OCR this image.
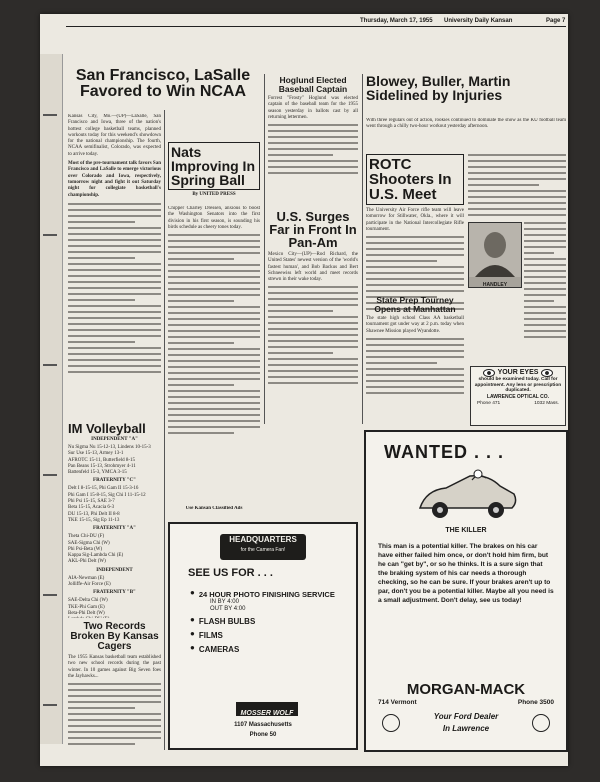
Thursday, March 17, 1955 University Daily Kansan	Page 7
San Francisco, LaSalle Favored to Win NCAA

Kansas City, Mo.—(UP)—LaSalle, San Francisco and Iowa, three of the nation's hottest college basketball teams, planned workouts today for this weekend's showdown for the national championship. The fourth, NCAA semifinalist, Colorado, was expected to arrive today.

Most of the pre-tournament talk favors San Francisco and LaSalle to emerge victorious over Colorado and Iowa, respectively, tomorrow night and fight it out Saturday night for collegiate basketball's championship.

IM Volleyball

INDEPENDENT "A"

Nu Sigma Nu 15-12-13, Lindens 10-15-3

Sur Use 15-13, Armey 13-1

AFROTC 15-11, Butterfield 8-15

Pan Beans 15-13, Strohmyer 4-11

Battenfeld 15-3, YMCA 3-15

FRATERNITY "C"

Delt I 8-15-15, Phi Gam II 15-3-16

Phi Gam I 15-8-15, Sig Chi I 11-15-12

Phi Psi 15-15, SAE 3-7

Beta 15-15, Acacia 6-3

DU 15-13, Phi Delt II 8-8

TKE 15-15, Sig Ep 11-13

FRATERNITY "A"

Theta Chi-DU (F)

SAE-Sigma Chi (W)

Phi Psi-Beta (W)

Kappa Sig-Lambda Chi (E)

AKL-Phi Delt (W)

INDEPENDENT

AIA-Newman (E)

Jolliffe-Air Force (E)

FRATERNITY "B"

SAE-Delta Chi (W)

TKE-Phi Gam (E)

Beta-Phi Delt (W)

Two Records Broken By Kansas Cagers

The 1955 Kansas basketball team established two new school records during the past winter. In 10 games against Big Seven foes the Jayhawks...

Nats Improving In Spring Ball

By UNITED PRESS

Chipper Charley Dressen, anxious to boost the Washington Senators into the first division in his first season, is sounding his birds schedule as cheery tones today.

Use Kansan Classified Ads

Hoglund Elected Baseball Captain

Forrest "Frosty" Hoglund was elected captain of the baseball team for the 1955 season yesterday in ballots cast by all returning lettermen.

U.S. Surges Far in Front In Pan-Am

Mexico City—(UP)—Rod Richard, the United States' newest version of the 'world's fastest human', and Bob Backus and Bert Schneewiss left world and meet records strewn in their wake today.

Blowey, Buller, Martin Sidelined by Injuries

With three regulars out of action, rookies continued to dominate the show as the KU football team went through a chilly two-hour workout yesterday afternoon.

ROTC Shooters In U.S. Meet

The University Air Force rifle team will leave tomorrow for Stillwater, Okla., where it will participate in the National Intercollegiate Rifle tournament.

HANDLEY
State Prep Tourney Opens at Manhattan

The state high school Class AA basketball tournament got under way at 2 p.m. today when Shawnee Mission played Wyandotte.

YOUR EYES

should be examined today. Call for appointment. Any lens or prescription duplicated.

LAWRENCE OPTICAL CO.

Phone 471	1032 Mass.
HEADQUARTERS
for the Camera Fan!
SEE US FOR . . .
● 24 HOUR PHOTO FINISHING SERVICE
IN BY 4:00
OUT BY 4:00
● FLASH BULBS
● FILMS
● CAMERAS
MOSSER WOLF
1107 Massachusetts
Phone 50
WANTED . . .
THE KILLER

This man is a potential killer. The brakes on his car have either failed him once, or don't hold him firm, but he can "get by", or so he thinks. It is a sure sign that the braking system of his car needs a thorough checking, so he can be sure. If your brakes aren't up to par, don't you be a potential killer. Maybe all you need is a small adjustment. Don't delay, see us today!

MORGAN-MACK
714 Vermont	Phone 3500
Your Ford Dealer
In Lawrence
